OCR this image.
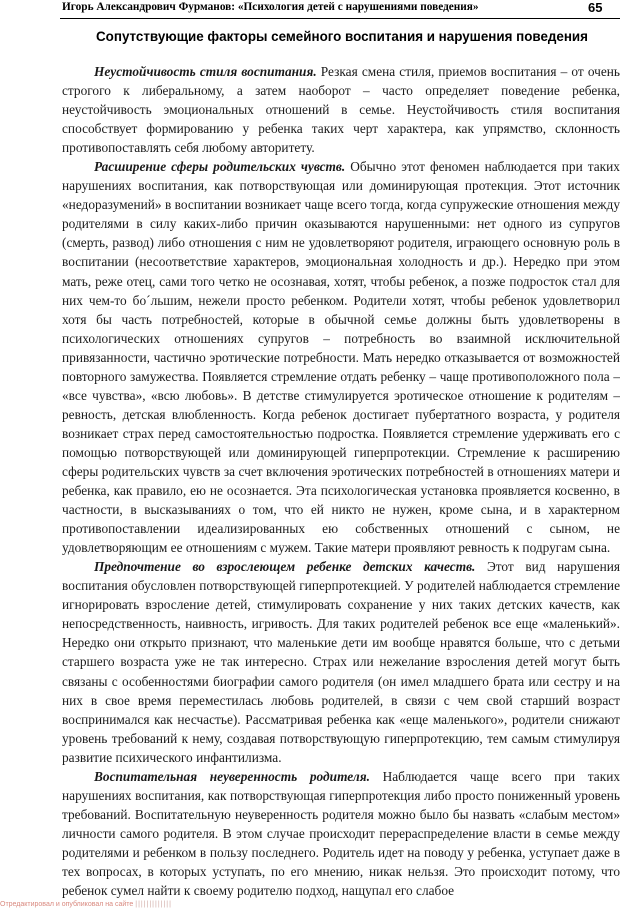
Игорь Александрович Фурманов: «Психология детей с нарушениями поведения»	65
Сопутствующие факторы семейного воспитания и нарушения поведения

Неустойчивость стиля воспитания. Резкая смена стиля, приемов воспитания – от очень строгого к либеральному, а затем наоборот – часто определяет поведение ребенка, неустойчивость эмоциональных отношений в семье. Неустойчивость стиля воспитания способствует формированию у ребенка таких черт характера, как упрямство, склонность противопоставлять себя любому авторитету.

Расширение сферы родительских чувств. Обычно этот феномен наблюдается при таких нарушениях воспитания, как потворствующая или доминирующая протекция. Этот источник «недоразумений» в воспитании возникает чаще всего тогда, когда супружеские отношения между родителями в силу каких-либо причин оказываются нарушенными: нет одного из супругов (смерть, развод) либо отношения с ним не удовлетворяют родителя, играющего основную роль в воспитании (несоответствие характеров, эмоциональная холодность и др.). Нередко при этом мать, реже отец, сами того четко не осознавая, хотят, чтобы ребенок, а позже подросток стал для них чем-то бо´льшим, нежели просто ребенком. Родители хотят, чтобы ребенок удовлетворил хотя бы часть потребностей, которые в обычной семье должны быть удовлетворены в психологических отношениях супругов – потребность во взаимной исключительной привязанности, частично эротические потребности. Мать нередко отказывается от возможностей повторного замужества. Появляется стремление отдать ребенку – чаще противоположного пола – «все чувства», «всю любовь». В детстве стимулируется эротическое отношение к родителям – ревность, детская влюбленность. Когда ребенок достигает пубертатного возраста, у родителя возникает страх перед самостоятельностью подростка. Появляется стремление удерживать его с помощью потворствующей или доминирующей гиперпротекции. Стремление к расширению сферы родительских чувств за счет включения эротических потребностей в отношениях матери и ребенка, как правило, ею не осознается. Эта психологическая установка проявляется косвенно, в частности, в высказываниях о том, что ей никто не нужен, кроме сына, и в характерном противопоставлении идеализированных ею собственных отношений с сыном, не удовлетворяющим ее отношениям с мужем. Такие матери проявляют ревность к подругам сына.

Предпочтение во взрослеющем ребенке детских качеств. Этот вид нарушения воспитания обусловлен потворствующей гиперпротекцией. У родителей наблюдается стремление игнорировать взросление детей, стимулировать сохранение у них таких детских качеств, как непосредственность, наивность, игривость. Для таких родителей ребенок все еще «маленький». Нередко они открыто признают, что маленькие дети им вообще нравятся больше, что с детьми старшего возраста уже не так интересно. Страх или нежелание взросления детей могут быть связаны с особенностями биографии самого родителя (он имел младшего брата или сестру и на них в свое время переместилась любовь родителей, в связи с чем свой старший возраст воспринимался как несчастье). Рассматривая ребенка как «еще маленького», родители снижают уровень требований к нему, создавая потворствующую гиперпротекцию, тем самым стимулируя развитие психического инфантилизма.

Воспитательная неуверенность родителя. Наблюдается чаще всего при таких нарушениях воспитания, как потворствующая гиперпротекция либо просто пониженный уровень требований. Воспитательную неуверенность родителя можно было бы назвать «слабым местом» личности самого родителя. В этом случае происходит перераспределение власти в семье между родителями и ребенком в пользу последнего. Родитель идет на поводу у ребенка, уступает даже в тех вопросах, в которых уступать, по его мнению, никак нельзя. Это происходит потому, что ребенок сумел найти к своему родителю подход, нащупал его слабое

Отредактировал и опубликовал на сайте |||||||||||||
